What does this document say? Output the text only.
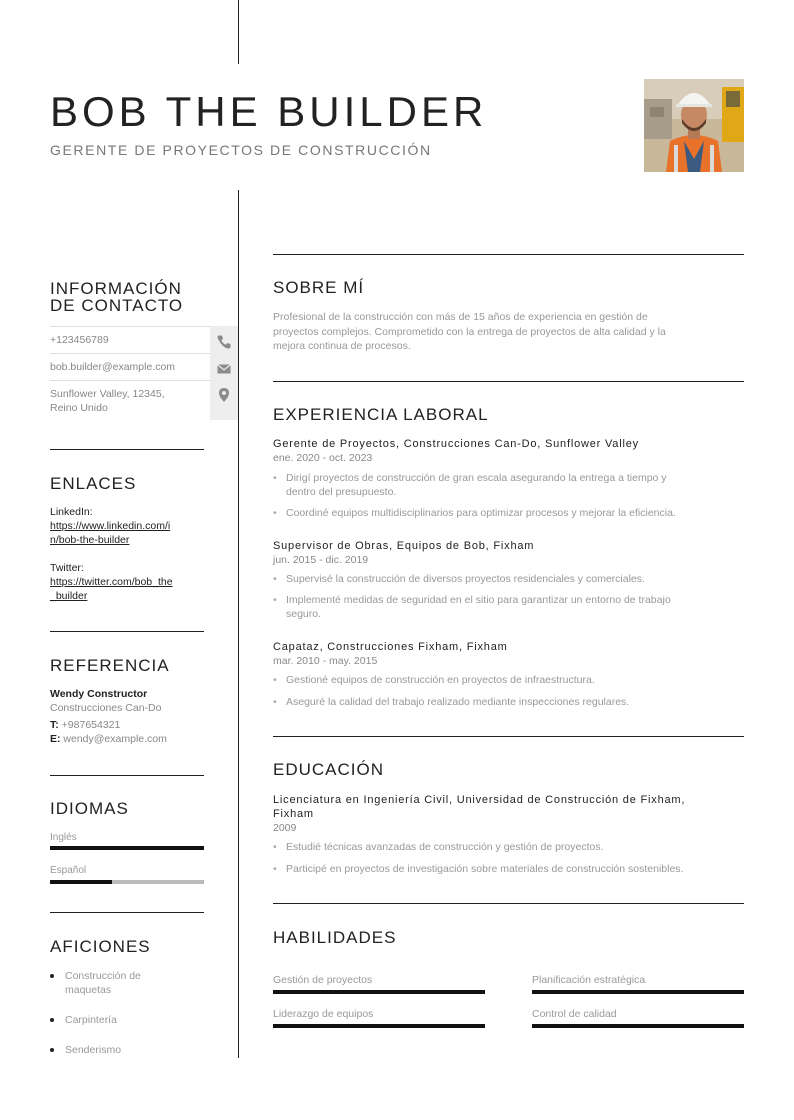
BOB THE BUILDER
GERENTE DE PROYECTOS DE CONSTRUCCIÓN
INFORMACIÓN
DE CONTACTO
+123456789
bob.builder@example.com
Sunflower Valley, 12345,
Reino Unido
ENLACES
LinkedIn:
https://www.linkedin.com/i
n/bob-the-builder
Twitter:
https://twitter.com/bob_the
_builder
REFERENCIA
Wendy Constructor
Construcciones Can-Do
T: +987654321
E: wendy@example.com
IDIOMAS
Inglés
Español
AFICIONES
Construcción de
maquetas
Carpintería
Senderismo
SOBRE MÍ
Profesional de la construcción con más de 15 años de experiencia en gestión de
proyectos complejos. Comprometido con la entrega de proyectos de alta calidad y la
mejora continua de procesos.
EXPERIENCIA LABORAL
Gerente de Proyectos, Construcciones Can-Do, Sunflower Valley
ene. 2020 - oct. 2023
• Dirigí proyectos de construcción de gran escala asegurando la entrega a tiempo y
dentro del presupuesto.
• Coordiné equipos multidisciplinarios para optimizar procesos y mejorar la eficiencia.
Supervisor de Obras, Equipos de Bob, Fixham
jun. 2015 - dic. 2019
• Supervisé la construcción de diversos proyectos residenciales y comerciales.
• Implementé medidas de seguridad en el sitio para garantizar un entorno de trabajo
seguro.
Capataz, Construcciones Fixham, Fixham
mar. 2010 - may. 2015
• Gestioné equipos de construcción en proyectos de infraestructura.
• Aseguré la calidad del trabajo realizado mediante inspecciones regulares.
EDUCACIÓN
Licenciatura en Ingeniería Civil, Universidad de Construcción de Fixham,
Fixham
2009
• Estudié técnicas avanzadas de construcción y gestión de proyectos.
• Participé en proyectos de investigación sobre materiales de construcción sostenibles.
HABILIDADES
Gestión de proyectos	Planificación estratégica
Liderazgo de equipos	Control de calidad
